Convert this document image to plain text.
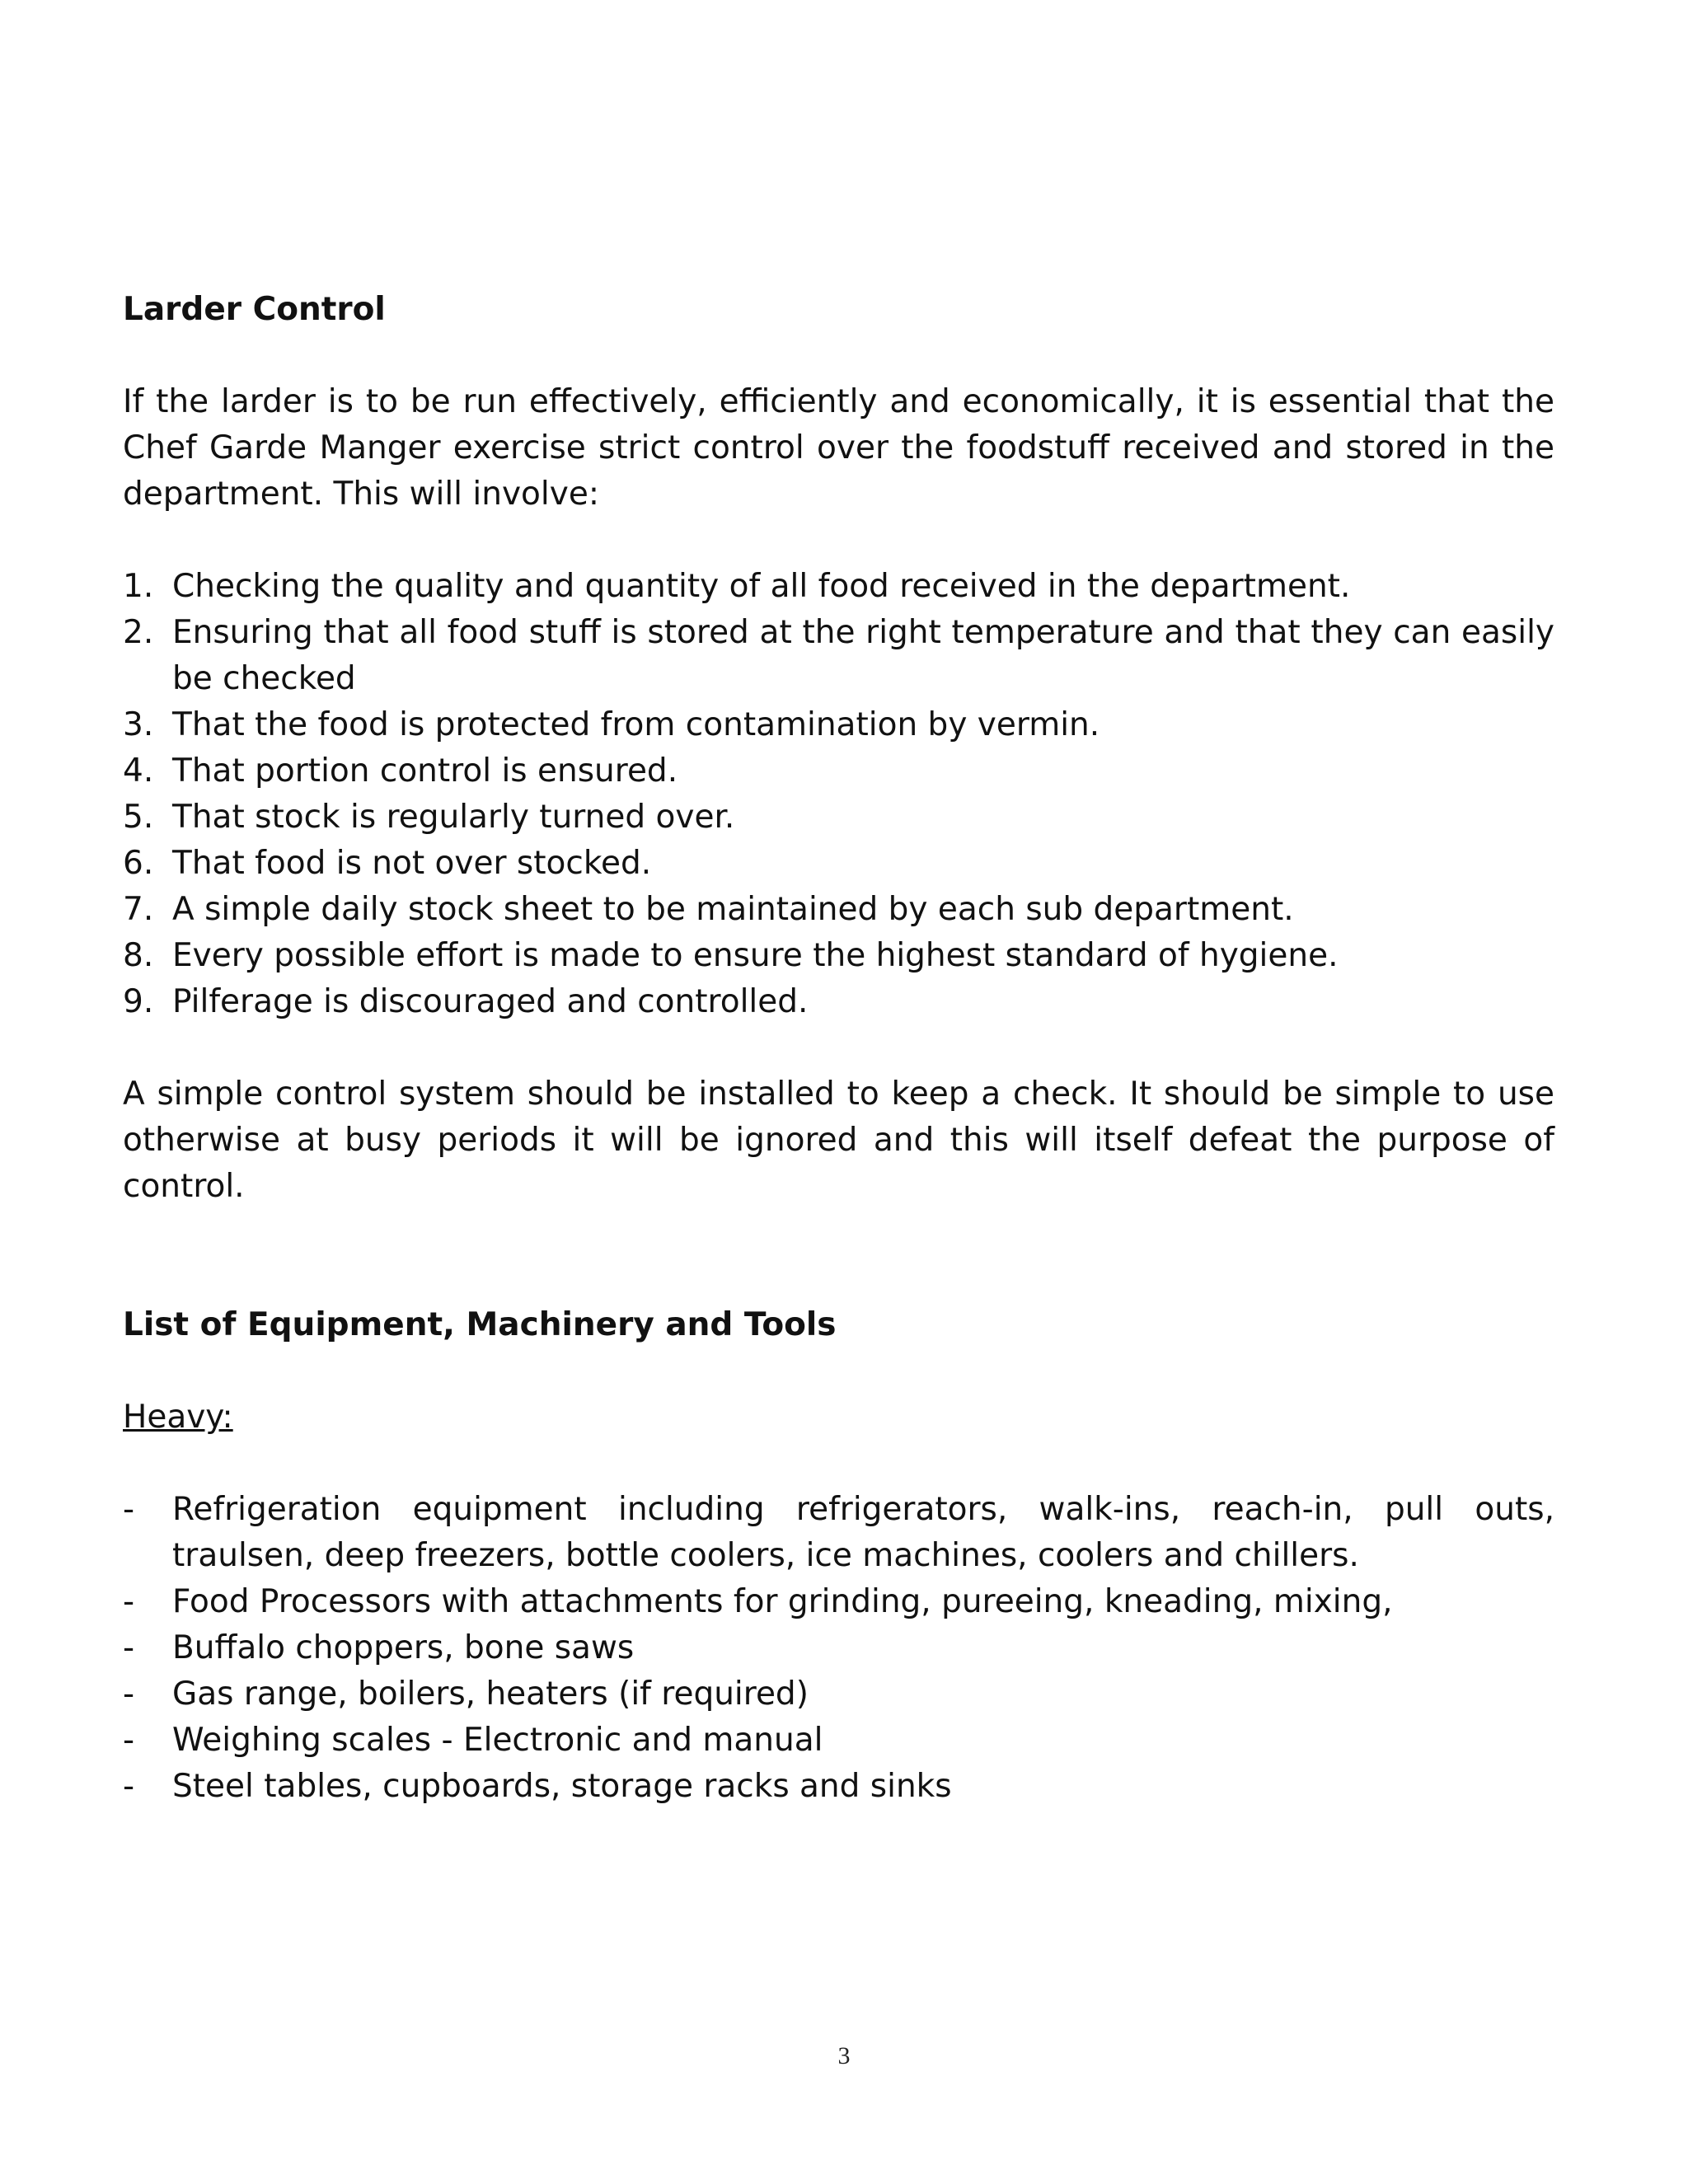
Larder Control

If the larder is to be run effectively, efficiently and economically, it is essential that the Chef Garde Manger exercise strict control over the foodstuff received and stored in the department. This will involve:

1. Checking the quality and quantity of all food received in the department.
2. Ensuring that all food stuff is stored at the right temperature and that they can easily be checked
3. That the food is protected from contamination by vermin.
4. That portion control is ensured.
5. That stock is regularly turned over.
6. That food is not over stocked.
7. A simple daily stock sheet to be maintained by each sub department.
8. Every possible effort is made to ensure the highest standard of hygiene.
9. Pilferage is discouraged and controlled.

A simple control system should be installed to keep a check. It should be simple to use otherwise at busy periods it will be ignored and this will itself defeat the purpose of control.

List of Equipment, Machinery and Tools

Heavy:

-	Refrigeration equipment including refrigerators, walk-ins, reach-in, pull outs, traulsen, deep freezers, bottle coolers, ice machines, coolers and chillers.
-	Food Processors with attachments for grinding, pureeing, kneading, mixing,
-	Buffalo choppers, bone saws
-	Gas range, boilers, heaters (if required)
-	Weighing scales - Electronic and manual
-	Steel tables, cupboards, storage racks and sinks
3
